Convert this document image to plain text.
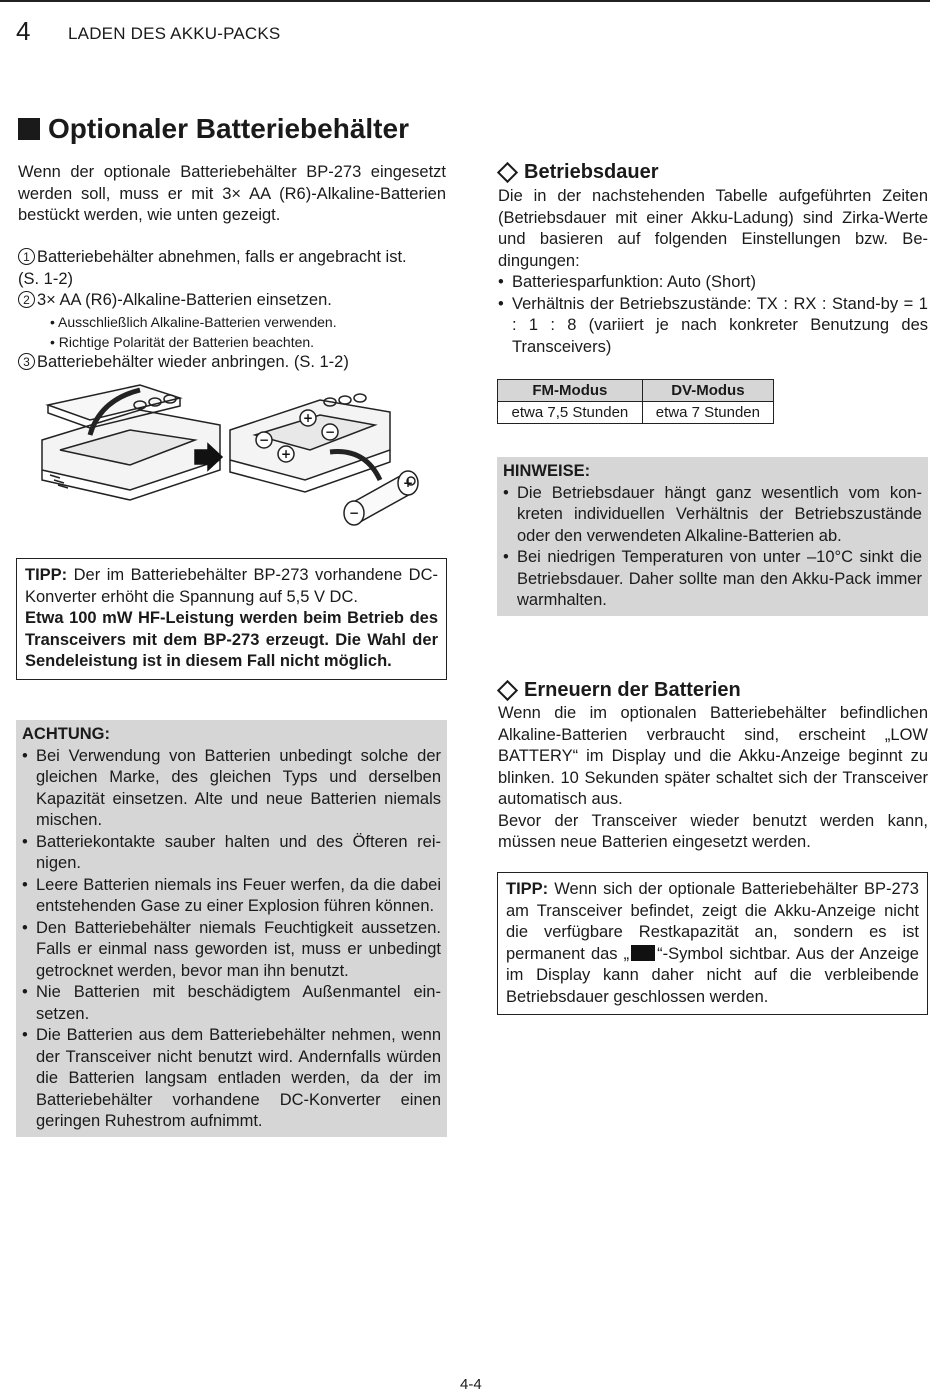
4 LADEN DES AKKU-PACKS
Optionaler Batteriebehälter
Wenn der optionale Batteriebehälter BP-273 eingesetzt werden soll, muss er mit 3× AA (R6)-Alkaline-Batterien bestückt werden, wie unten gezeigt.
1 Batteriebehälter abnehmen, falls er angebracht ist.
(S. 1-2)
2 3× AA (R6)-Alkaline-Batterien einsetzen.
• Ausschließlich Alkaline-Batterien verwenden.
• Richtige Polarität der Batterien beachten.
3 Batteriebehälter wieder anbringen. (S. 1-2)
+
−
−
+
−
+
TIPP: Der im Batteriebehälter BP-273 vorhandene DC-Konverter erhöht die Spannung auf 5,5 V DC.
Etwa 100 mW HF-Leistung werden beim Betrieb des Transceivers mit dem BP-273 erzeugt. Die Wahl der Sendeleistung ist in diesem Fall nicht möglich.
ACHTUNG:
• Bei Verwendung von Batterien unbedingt solche der gleichen Marke, des gleichen Typs und derselben Kapazität einsetzen. Alte und neue Batterien niemals mischen.
• Batteriekontakte sauber halten und des Öfteren reinigen.
• Leere Batterien niemals ins Feuer werfen, da die dabei entstehenden Gase zu einer Explosion führen können.
• Den Batteriebehälter niemals Feuchtigkeit aussetzen. Falls er einmal nass geworden ist, muss er unbedingt getrocknet werden, bevor man ihn benutzt.
• Nie Batterien mit beschädigtem Außenmantel einsetzen.
• Die Batterien aus dem Batteriebehälter nehmen, wenn der Transceiver nicht benutzt wird. Andernfalls würden die Batterien langsam entladen werden, da der im Batteriebehälter vorhandene DC-Konverter einen geringen Ruhestrom aufnimmt.
Betriebsdauer
Die in der nachstehenden Tabelle aufgeführten Zeiten (Betriebsdauer mit einer Akku-Ladung) sind Zirka-Werte und basieren auf folgenden Einstellungen bzw. Bedingungen:
• Batteriesparfunktion: Auto (Short)
• Verhältnis der Betriebszustände: TX : RX : Stand-by = 1 : 1 : 8 (variiert je nach konkreter Benutzung des Transceivers)
FM-Modus	DV-Modus
etwa 7,5 Stunden	etwa 7 Stunden
HINWEISE:
• Die Betriebsdauer hängt ganz wesentlich vom konkreten individuellen Verhältnis der Betriebszustände oder den verwendeten Alkaline-Batterien ab.
• Bei niedrigen Temperaturen von unter –10°C sinkt die Betriebsdauer. Daher sollte man den Akku-Pack immer warmhalten.
Erneuern der Batterien
Wenn die im optionalen Batteriebehälter befindlichen Alkaline-Batterien verbraucht sind, erscheint „LOW BATTERY“ im Display und die Akku-Anzeige beginnt zu blinken. 10 Sekunden später schaltet sich der Transceiver automatisch aus.
Bevor der Transceiver wieder benutzt werden kann, müssen neue Batterien eingesetzt werden.
TIPP: Wenn sich der optionale Batteriebehälter BP-273 am Transceiver befindet, zeigt die Akku-Anzeige nicht die verfügbare Restkapazität an, sondern es ist permanent das „ “-Symbol sichtbar. Aus der Anzeige im Display kann daher nicht auf die verbleibende Betriebsdauer geschlossen werden.
4-4
